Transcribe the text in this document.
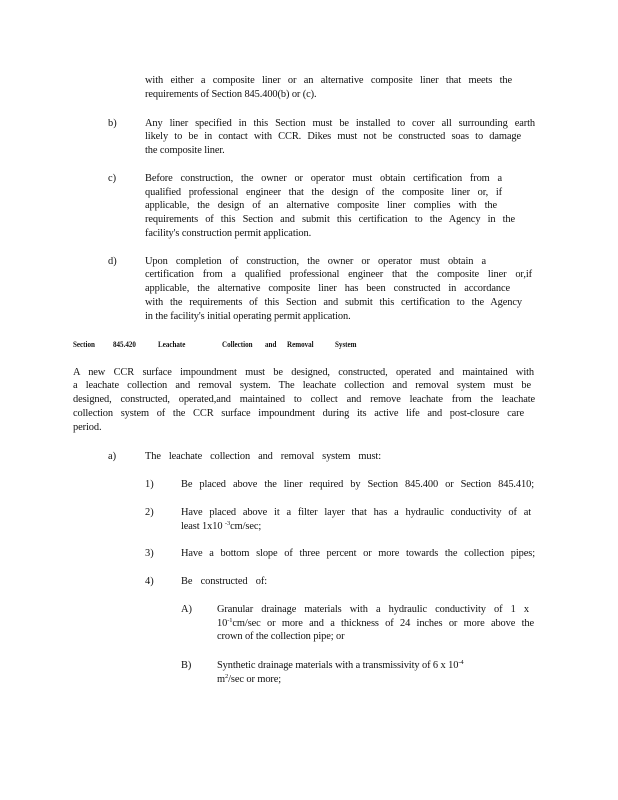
with either a composite liner or an alternative composite liner that meets the
requirements of Section 845.400(b) or (c).
b)	Any liner specified in this Section must be installed to cover all surrounding earth
likely to be in contact with CCR. Dikes must not be constructed soas to damage
the composite liner.
c)	Before construction, the owner or operator must obtain certification from a
qualified professional engineer that the design of the composite liner or, if
applicable, the design of an alternative composite liner complies with the
requirements of this Section and submit this certification to the Agency in the
facility's construction permit application.
d)	Upon completion of construction, the owner or operator must obtain a
certification from a qualified professional engineer that the composite liner or,if
applicable, the alternative composite liner has been constructed in accordance
with the requirements of this Section and submit this certification to the Agency
in the facility's initial operating permit application.
Section 845.420	Leachate	Collection and Removal System
A new CCR surface impoundment must be designed, constructed, operated and maintained with
a leachate collection and removal system. The leachate collection and removal system must be
designed, constructed, operated,and maintained to collect and remove leachate from the leachate
collection system of the CCR surface impoundment during its active life and post-closure care
period.
a)	The leachate collection and removal system must:
1)	Be placed above the liner required by Section 845.400 or Section 845.410;
2)	Have placed above it a filter layer that has a hydraulic conductivity of at
least 1x10 $^{-3}$cm/sec;
3)	Have a bottom slope of three percent or more towards the collection pipes;
4)	Be constructed of:
A) Granular drainage materials with a hydraulic conductivity of 1 x
$10^{-1}cm/\sec$ or more and a thickness of 24 inches or more above the
crown of the collection pipe; or
B) Synthetic drainage materials with a transmissivity of 6 x $10^{-4}$
$m^2/\sec$ or more;
